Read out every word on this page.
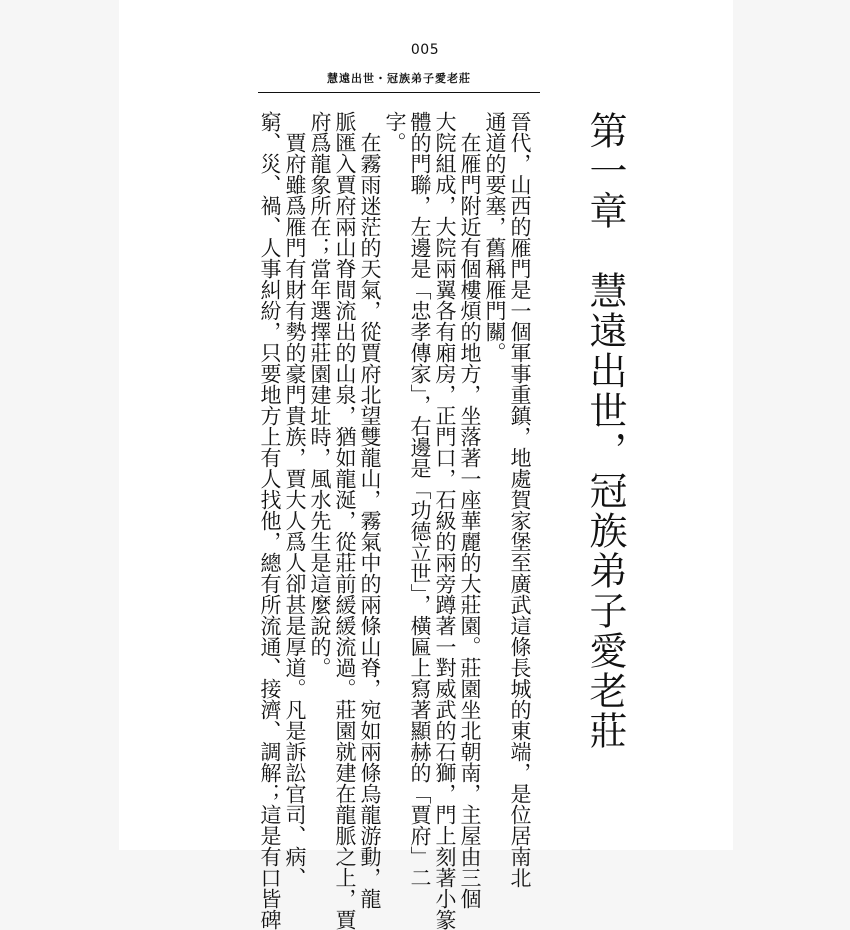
005
慧遠出世・冠族弟子愛老莊
第一章　慧遠出世，冠族弟子愛老莊
晉代，山西的雁門是一個軍事重鎮，地處賀家堡至廣武這條長城的東端，是位居南北
通道的要塞，舊稱雁門關。
　在雁門附近有個樓煩的地方，坐落著一座華麗的大莊園。莊園坐北朝南，主屋由三個
大院組成，大院兩翼各有廂房，正門口，石級的兩旁蹲著一對威武的石獅，門上刻著小篆
體的門聯，左邊是「忠孝傳家」，右邊是「功德立世」，橫匾上寫著顯赫的「賈府」二
字。
　在霧雨迷茫的天氣，從賈府北望雙龍山，霧氣中的兩條山脊，宛如兩條烏龍游動，龍
脈匯入賈府兩山脊間流出的山泉，猶如龍涎，從莊前緩緩流過。莊園就建在龍脈之上，賈
府爲龍象所在；當年選擇莊園建址時，風水先生是這麼說的。
　賈府雖爲雁門有財有勢的豪門貴族，賈大人爲人卻甚是厚道。凡是訴訟官司、病、
窮、災、禍、人事糾紛，只要地方上有人找他，總有所流通、接濟、調解；這是有口皆碑
